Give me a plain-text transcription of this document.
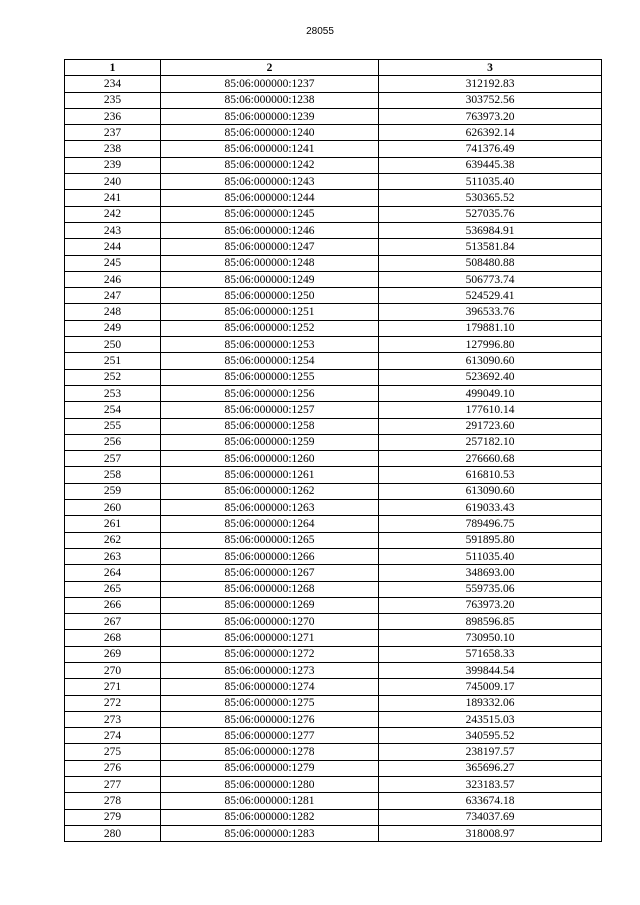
28055
1	2	3
234	85:06:000000:1237	312192.83
235	85:06:000000:1238	303752.56
236	85:06:000000:1239	763973.20
237	85:06:000000:1240	626392.14
238	85:06:000000:1241	741376.49
239	85:06:000000:1242	639445.38
240	85:06:000000:1243	511035.40
241	85:06:000000:1244	530365.52
242	85:06:000000:1245	527035.76
243	85:06:000000:1246	536984.91
244	85:06:000000:1247	513581.84
245	85:06:000000:1248	508480.88
246	85:06:000000:1249	506773.74
247	85:06:000000:1250	524529.41
248	85:06:000000:1251	396533.76
249	85:06:000000:1252	179881.10
250	85:06:000000:1253	127996.80
251	85:06:000000:1254	613090.60
252	85:06:000000:1255	523692.40
253	85:06:000000:1256	499049.10
254	85:06:000000:1257	177610.14
255	85:06:000000:1258	291723.60
256	85:06:000000:1259	257182.10
257	85:06:000000:1260	276660.68
258	85:06:000000:1261	616810.53
259	85:06:000000:1262	613090.60
260	85:06:000000:1263	619033.43
261	85:06:000000:1264	789496.75
262	85:06:000000:1265	591895.80
263	85:06:000000:1266	511035.40
264	85:06:000000:1267	348693.00
265	85:06:000000:1268	559735.06
266	85:06:000000:1269	763973.20
267	85:06:000000:1270	898596.85
268	85:06:000000:1271	730950.10
269	85:06:000000:1272	571658.33
270	85:06:000000:1273	399844.54
271	85:06:000000:1274	745009.17
272	85:06:000000:1275	189332.06
273	85:06:000000:1276	243515.03
274	85:06:000000:1277	340595.52
275	85:06:000000:1278	238197.57
276	85:06:000000:1279	365696.27
277	85:06:000000:1280	323183.57
278	85:06:000000:1281	633674.18
279	85:06:000000:1282	734037.69
280	85:06:000000:1283	318008.97
